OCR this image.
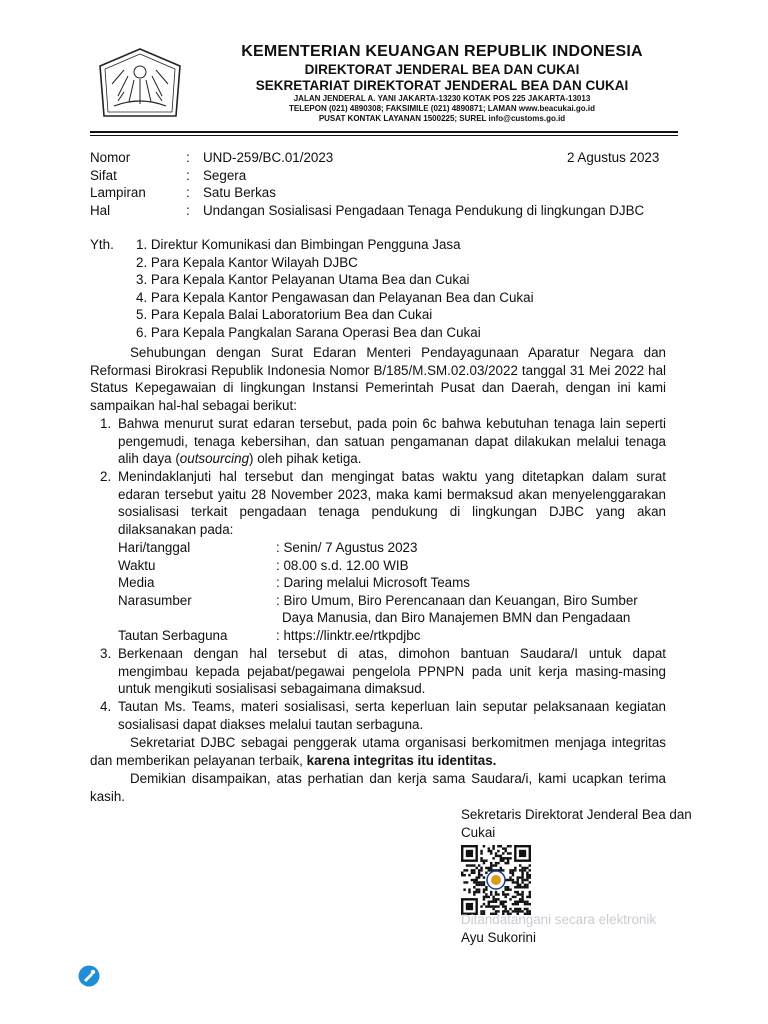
KEMENTERIAN KEUANGAN REPUBLIK INDONESIA
DIREKTORAT JENDERAL BEA DAN CUKAI
SEKRETARIAT DIREKTORAT JENDERAL BEA DAN CUKAI
JALAN JENDERAL A. YANI JAKARTA-13230 KOTAK POS 225 JAKARTA-13013
TELEPON (021) 4890308; FAKSIMILE (021) 4890871; LAMAN www.beacukai.go.id
PUSAT KONTAK LAYANAN 1500225; SUREL info@customs.go.id
Nomor	: UND-259/BC.01/2023
Sifat	: Segera
Lampiran	: Satu Berkas
Hal	: Undangan Sosialisasi Pengadaan Tenaga Pendukung di lingkungan DJBC
2 Agustus 2023
Yth. 1. Direktur Komunikasi dan Bimbingan Pengguna Jasa
2. Para Kepala Kantor Wilayah DJBC
3. Para Kepala Kantor Pelayanan Utama Bea dan Cukai
4. Para Kepala Kantor Pengawasan dan Pelayanan Bea dan Cukai
5. Para Kepala Balai Laboratorium Bea dan Cukai
6. Para Kepala Pangkalan Sarana Operasi Bea dan Cukai
Sehubungan dengan Surat Edaran Menteri Pendayagunaan Aparatur Negara dan Reformasi Birokrasi Republik Indonesia Nomor B/185/M.SM.02.03/2022 tanggal 31 Mei 2022 hal Status Kepegawaian di lingkungan Instansi Pemerintah Pusat dan Daerah, dengan ini kami sampaikan hal-hal sebagai berikut:
1. Bahwa menurut surat edaran tersebut, pada poin 6c bahwa kebutuhan tenaga lain seperti pengemudi, tenaga kebersihan, dan satuan pengamanan dapat dilakukan melalui tenaga alih daya (outsourcing) oleh pihak ketiga.
2. Menindaklanjuti hal tersebut dan mengingat batas waktu yang ditetapkan dalam surat edaran tersebut yaitu 28 November 2023, maka kami bermaksud akan menyelenggarakan sosialisasi terkait pengadaan tenaga pendukung di lingkungan DJBC yang akan dilaksanakan pada:
Hari/tanggal	: Senin/ 7 Agustus 2023
Waktu	: 08.00 s.d. 12.00 WIB
Media	: Daring melalui Microsoft Teams
Narasumber	: Biro Umum, Biro Perencanaan dan Keuangan, Biro Sumber
Daya Manusia, dan Biro Manajemen BMN dan Pengadaan
Tautan Serbaguna	: https://linktr.ee/rtkpdjbc
3. Berkenaan dengan hal tersebut di atas, dimohon bantuan Saudara/I untuk dapat mengimbau kepada pejabat/pegawai pengelola PPNPN pada unit kerja masing-masing untuk mengikuti sosialisasi sebagaimana dimaksud.
4. Tautan Ms. Teams, materi sosialisasi, serta keperluan lain seputar pelaksanaan kegiatan sosialisasi dapat diakses melalui tautan serbaguna.
Sekretariat DJBC sebagai penggerak utama organisasi berkomitmen menjaga integritas dan memberikan pelayanan terbaik, karena integritas itu identitas.
Demikian disampaikan, atas perhatian dan kerja sama Saudara/i, kami ucapkan terima kasih.
Sekretaris Direktorat Jenderal Bea dan Cukai
Ditandatangani secara elektronik
Ayu Sukorini
